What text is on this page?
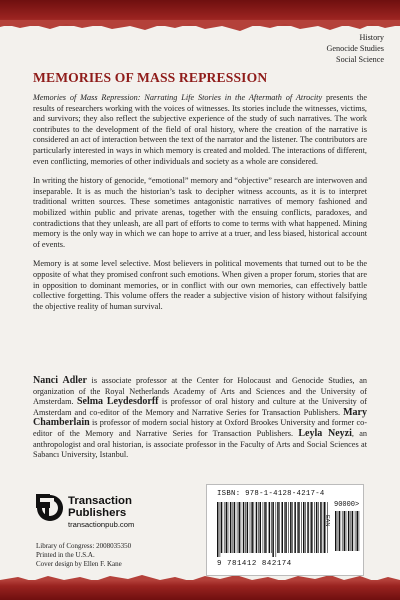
History
Genocide Studies
Social Science
MEMORIES OF MASS REPRESSION

Memories of Mass Repression: Narrating Life Stories in the Aftermath of Atrocity presents the results of researchers working with the voices of witnesses. Its stories include the witnesses, victims, and survivors; they also reflect the subjective experience of the study of such narratives. The work contributes to the development of the field of oral history, where the creation of the narrative is considered an act of interaction between the text of the narrator and the listener. The contributors are particularly interested in ways in which memory is created and molded. The interactions of different, even conflicting, memories of other individuals and society as a whole are considered.

In writing the history of genocide, “emotional” memory and “objective” research are interwoven and inseparable. It is as much the historian’s task to decipher witness accounts, as it is to interpret traditional written sources. These sometimes antagonistic narratives of memory fashioned and mobilized within public and private arenas, together with the ensuing conflicts, paradoxes, and contradictions that they unleash, are all part of efforts to come to terms with what happened. Mining memory is the only way in which we can hope to arrive at a truer, and less biased, historical account of events.

Memory is at some level selective. Most believers in political movements that turned out to be the opposite of what they promised confront such emotions. When given a proper forum, stories that are in opposition to dominant memories, or in conflict with our own memories, can effectively battle collective forgetting. This volume offers the reader a subjective vision of history without falsifying the objective reality of human survival.

Nanci Adler is associate professor at the Center for Holocaust and Genocide Studies, an organization of the Royal Netherlands Academy of Arts and Sciences and the University of Amsterdam. Selma Leydesdorff is professor of oral history and culture at the University of Amsterdam and co-editor of the Memory and Narrative Series for Transaction Publishers. Mary Chamberlain is professor of modern social history at Oxford Brookes University and former co-editor of the Memory and Narrative Series for Transaction Publishers. Leyla Neyzi, an anthropologist and oral historian, is associate professor in the Faculty of Arts and Social Sciences at Sabancı University, Istanbul.
Transaction
Publishers
transactionpub.com
Library of Congress: 2008035350
Printed in the U.S.A.
Cover design by Ellen F. Kane
ISBN: 978-1-4128-4217-4
EAN
90000>
9 781412 842174
